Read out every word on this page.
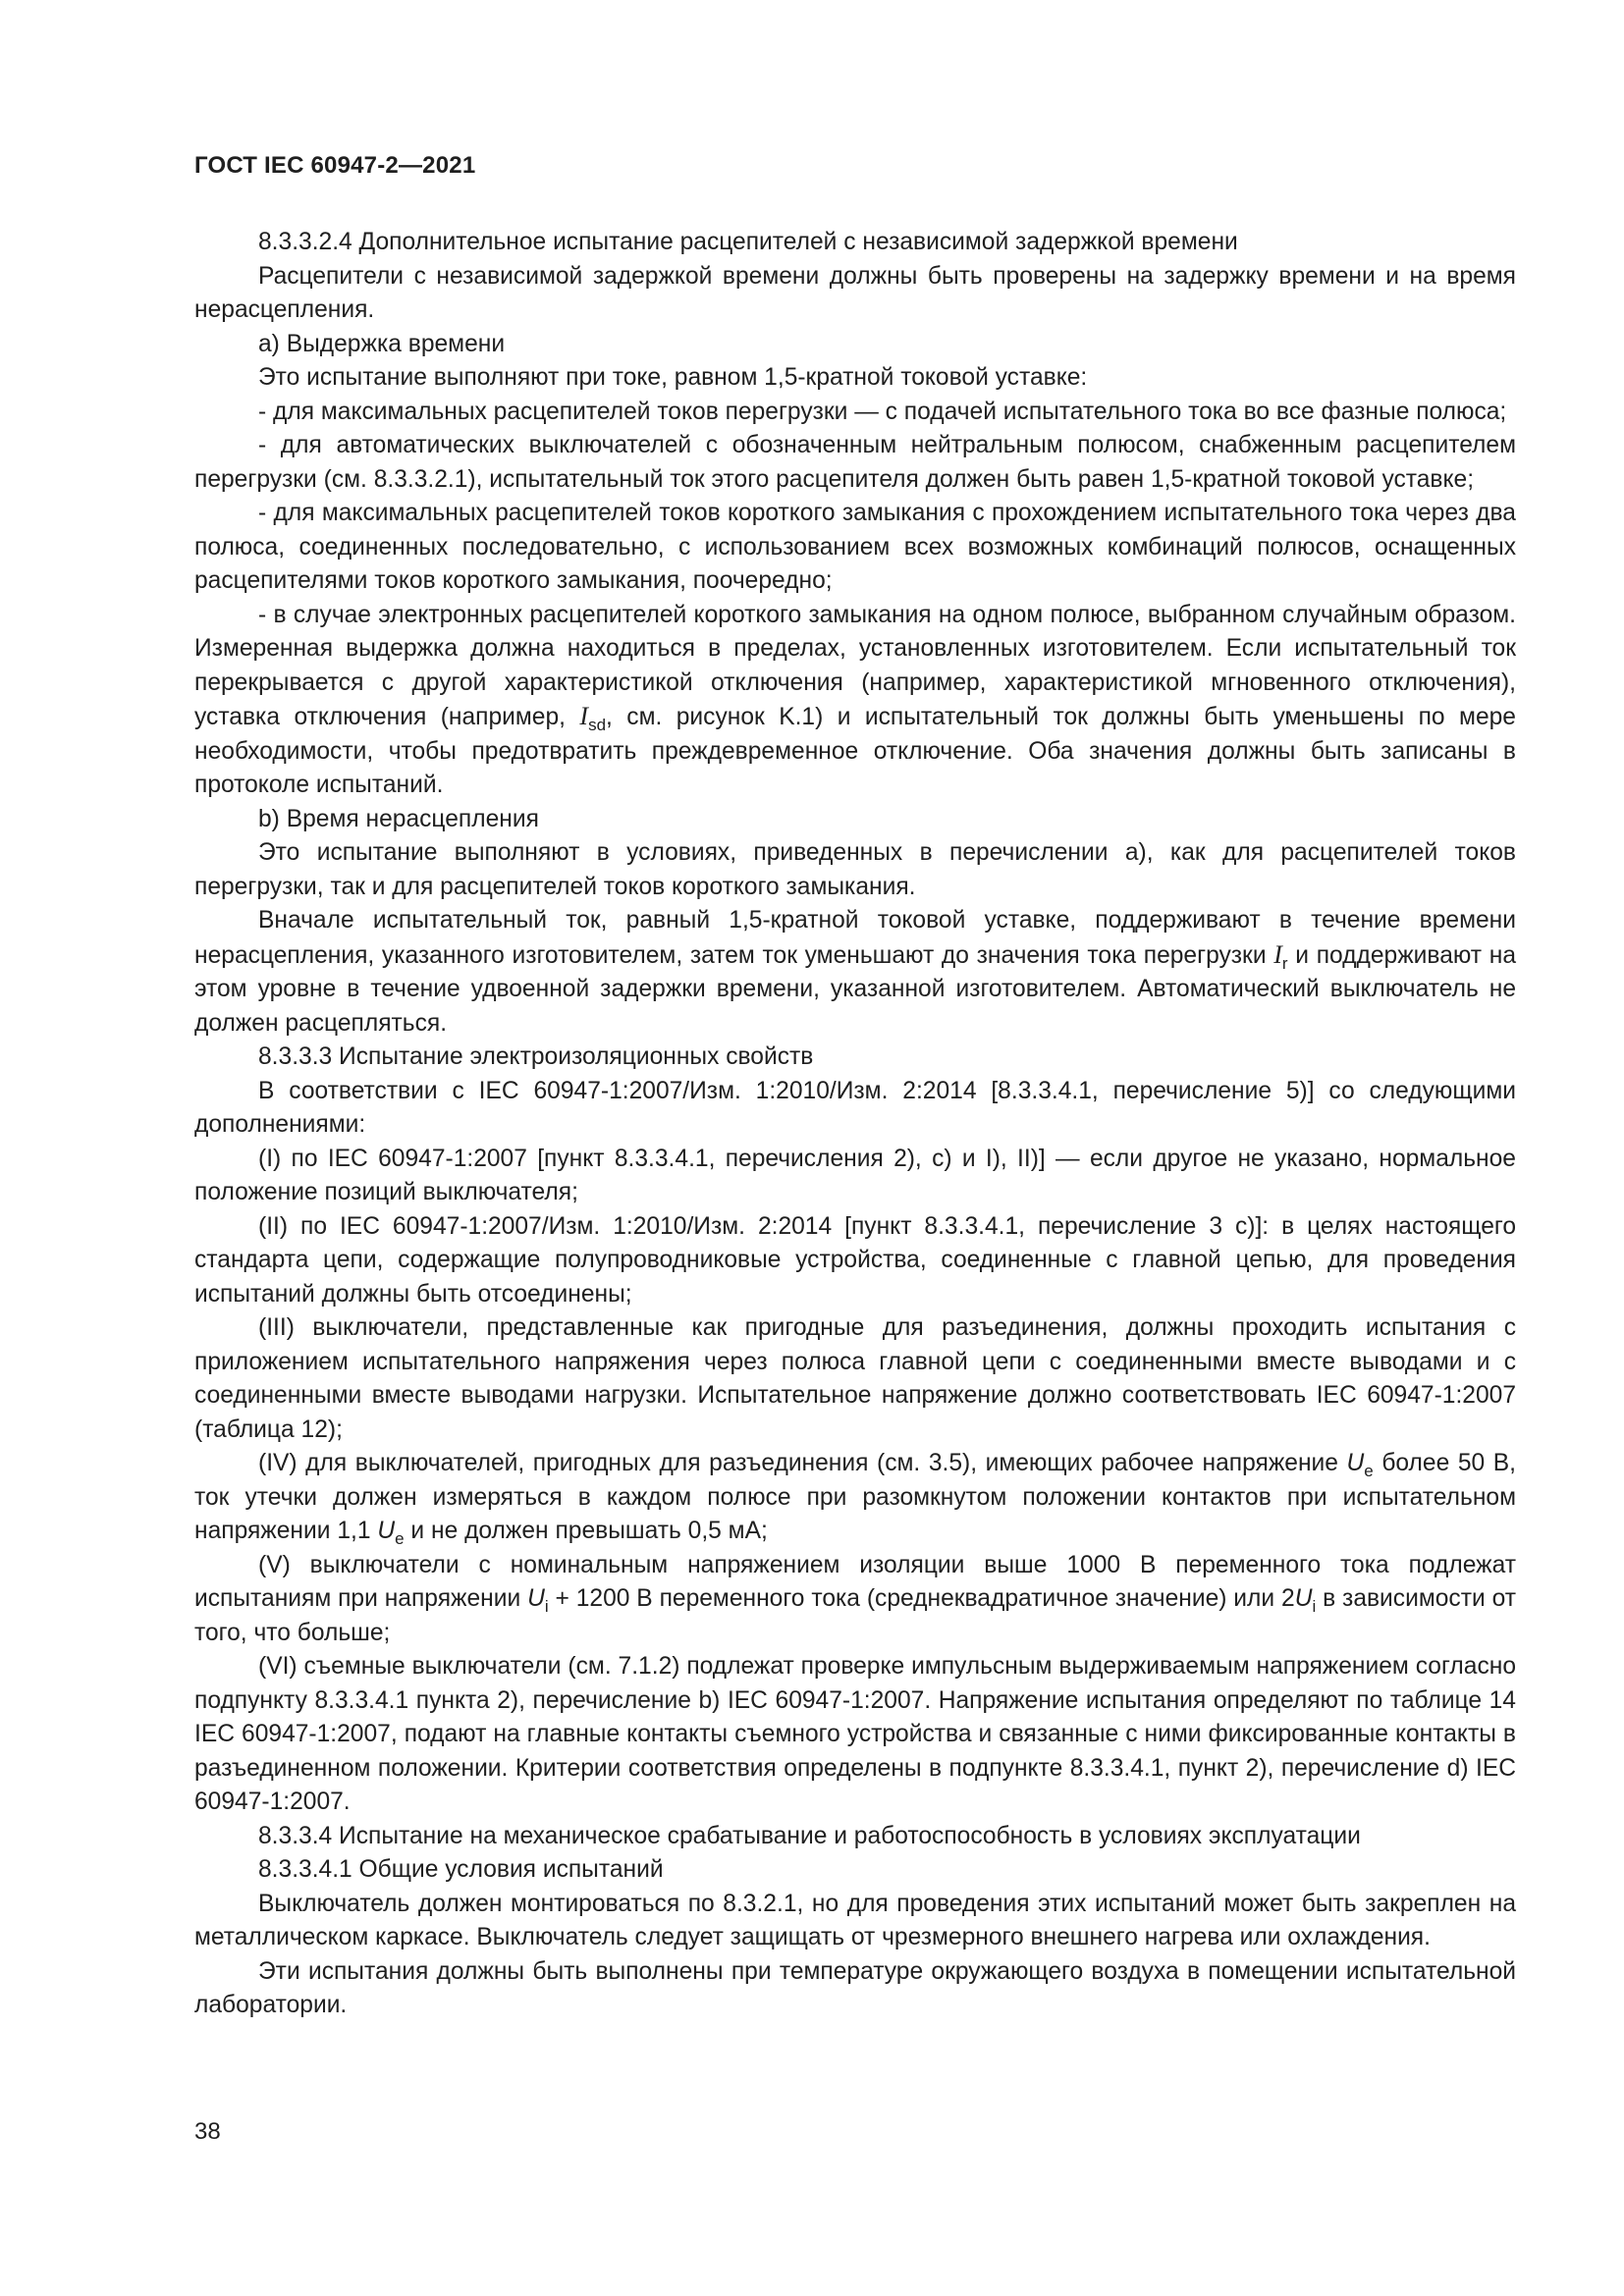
ГОСТ IEC 60947-2—2021

8.3.3.2.4 Дополнительное испытание расцепителей с независимой задержкой времени

Расцепители с независимой задержкой времени должны быть проверены на задержку времени и на время нерасцепления.

а) Выдержка времени

Это испытание выполняют при токе, равном 1,5-кратной токовой уставке:

- для максимальных расцепителей токов перегрузки — с подачей испытательного тока во все фазные полюса;

- для автоматических выключателей с обозначенным нейтральным полюсом, снабженным расцепителем перегрузки (см. 8.3.3.2.1), испытательный ток этого расцепителя должен быть равен 1,5-кратной токовой уставке;

- для максимальных расцепителей токов короткого замыкания с прохождением испытательного тока через два полюса, соединенных последовательно, с использованием всех возможных комбинаций полюсов, оснащенных расцепителями токов короткого замыкания, поочередно;

- в случае электронных расцепителей короткого замыкания на одном полюсе, выбранном случайным образом. Измеренная выдержка должна находиться в пределах, установленных изготовителем. Если испытательный ток перекрывается с другой характеристикой отключения (например, характеристикой мгновенного отключения), уставка отключения (например, $I_{sd}$, см. рисунок K.1) и испытательный ток должны быть уменьшены по мере необходимости, чтобы предотвратить преждевременное отключение. Оба значения должны быть записаны в протоколе испытаний.

b) Время нерасцепления

Это испытание выполняют в условиях, приведенных в перечислении а), как для расцепителей токов перегрузки, так и для расцепителей токов короткого замыкания.

Вначале испытательный ток, равный 1,5-кратной токовой уставке, поддерживают в течение времени нерасцепления, указанного изготовителем, затем ток уменьшают до значения тока перегрузки $I_r$ и поддерживают на этом уровне в течение удвоенной задержки времени, указанной изготовителем. Автоматический выключатель не должен расцепляться.

8.3.3.3 Испытание электроизоляционных свойств

В соответствии с IEC 60947-1:2007/Изм. 1:2010/Изм. 2:2014 [8.3.3.4.1, перечисление 5)] со следующими дополнениями:

(I) по IEC 60947-1:2007 [пункт 8.3.3.4.1, перечисления 2), с) и I), II)] — если другое не указано, нормальное положение позиций выключателя;

(II) по IEC 60947-1:2007/Изм. 1:2010/Изм. 2:2014 [пункт 8.3.3.4.1, перечисление 3 с)]: в целях настоящего стандарта цепи, содержащие полупроводниковые устройства, соединенные с главной цепью, для проведения испытаний должны быть отсоединены;

(III) выключатели, представленные как пригодные для разъединения, должны проходить испытания с приложением испытательного напряжения через полюса главной цепи с соединенными вместе выводами и с соединенными вместе выводами нагрузки. Испытательное напряжение должно соответствовать IEC 60947-1:2007 (таблица 12);

(IV) для выключателей, пригодных для разъединения (см. 3.5), имеющих рабочее напряжение $U_e$ более 50 В, ток утечки должен измеряться в каждом полюсе при разомкнутом положении контактов при испытательном напряжении 1,1 $U_e$ и не должен превышать 0,5 мА;

(V) выключатели с номинальным напряжением изоляции выше 1000 В переменного тока подлежат испытаниям при напряжении $U_i + 1200$ В переменного тока (среднеквадратичное значение) или $2U_i$ в зависимости от того, что больше;

(VI) съемные выключатели (см. 7.1.2) подлежат проверке импульсным выдерживаемым напряжением согласно подпункту 8.3.3.4.1 пункта 2), перечисление b) IEC 60947-1:2007. Напряжение испытания определяют по таблице 14 IEC 60947-1:2007, подают на главные контакты съемного устройства и связанные с ними фиксированные контакты в разъединенном положении. Критерии соответствия определены в подпункте 8.3.3.4.1, пункт 2), перечисление d) IEC 60947-1:2007.

8.3.3.4 Испытание на механическое срабатывание и работоспособность в условиях эксплуатации

8.3.3.4.1 Общие условия испытаний

Выключатель должен монтироваться по 8.3.2.1, но для проведения этих испытаний может быть закреплен на металлическом каркасе. Выключатель следует защищать от чрезмерного внешнего нагрева или охлаждения.

Эти испытания должны быть выполнены при температуре окружающего воздуха в помещении испытательной лаборатории.

38
